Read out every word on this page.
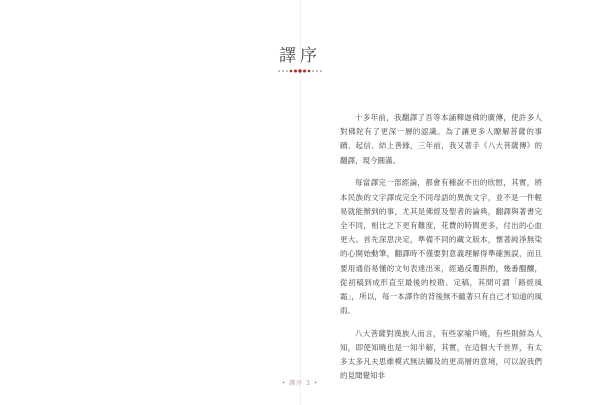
譯序

十多年前，我翻譯了吾等本誦釋迦佛的廣傳，使許多人對佛陀有了更深一層的認識。為了讓更多人瞭解菩薩的事蹟、起信、結上善緣，三年前，我又著手《八大菩薩傳》的翻譯，現今圓滿。

每當譯完一部經論，都會有種說不出的欣慰，其實，將本民族的文字譯成完全不同母語的異族文字，並不是一件輕易就能辦到的事，尤其是佛經及聖者的論典，翻譯與著書完全不同，相比之下更有難度，花費的時間更多，付出的心血更大。首先深思決定，準備不同的藏文版本，懷著純淨無染的心開始動筆，翻譯時不僅要對意義理解得準確無誤，而且要用通俗易懂的文句表達出來，經過反覆斟酌，幾番醞釀，從初稿到成形直至最後的校勘、定稿，其間可謂「路經風霜」，所以，每一本譯作的背後無不蘊著只有自己才知道的風雨。

八大菩薩對漢族人而言，有些家喻戶曉，有些則鮮為人知，即使知曉也是一知半解，其實，在這個大千世界，有太多太多凡夫思維模式無法觸及的更高層的意境，可以說我們的見聞覺知非

• 譯序 3 •
